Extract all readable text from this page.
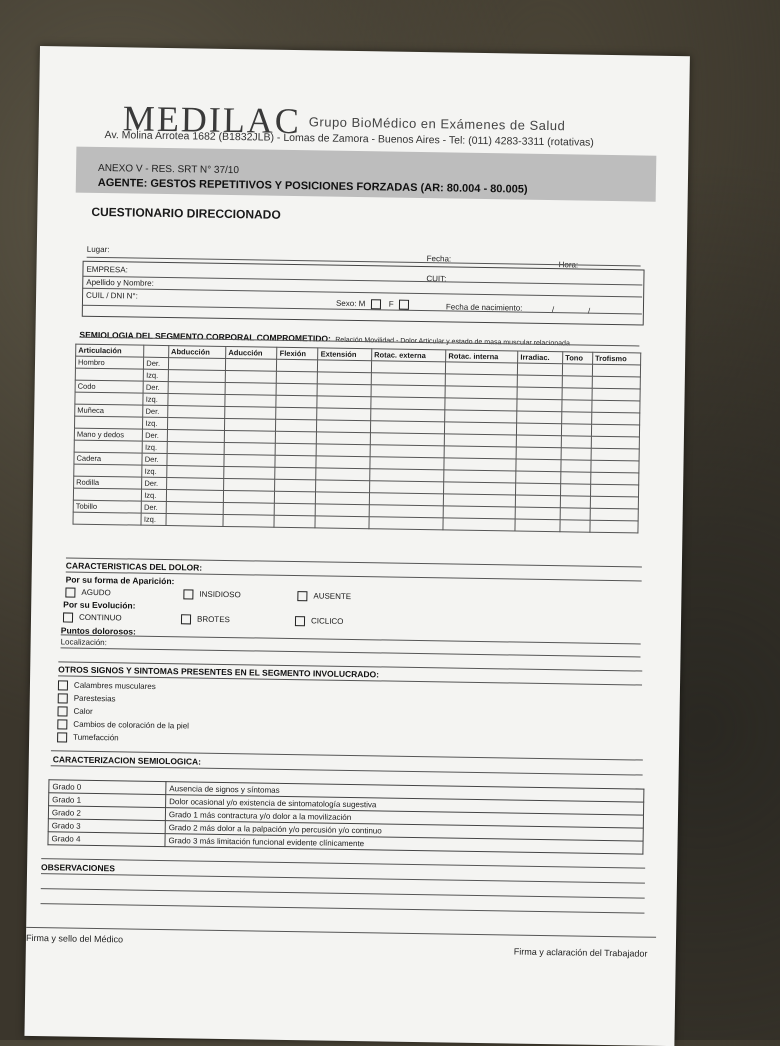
MEDILAC Grupo BioMédico en Exámenes de Salud
Av. Molina Arrotea 1682 (B1832JLB) - Lomas de Zamora - Buenos Aires - Tel: (011) 4283-3311 (rotativas)
ANEXO V - RES. SRT N° 37/10
AGENTE: GESTOS REPETITIVOS Y POSICIONES FORZADAS (AR: 80.004 - 80.005)
CUESTIONARIO DIRECCIONADO
Lugar:
Fecha:
Hora:
EMPRESA:
CUIT:
Apellido y Nombre:
CUIL / DNI N°:
Sexo: M	F	Fecha de nacimiento:	/	/
SEMIOLOGIA DEL SEGMENTO CORPORAL COMPROMETIDO: Relación Movilidad - Dolor Articular y estado de masa muscular relacionada
Articulación		Abducción	Aducción	Flexión	Extensión	Rotac. externa	Rotac. interna	Irradiac.	Tono	Trofismo
Hombro	Der.									
	Izq.									
Codo	Der.									
	Izq.									
Muñeca	Der.									
	Izq.									
Mano y dedos	Der.									
	Izq.									
Cadera	Der.									
	Izq.									
Rodilla	Der.									
	Izq.									
Tobillo	Der.									
	Izq.									
CARACTERISTICAS DEL DOLOR:
Por su forma de Aparición:
AGUDO	INSIDIOSO	AUSENTE
Por su Evolución:
CONTINUO	BROTES	CICLICO
Puntos dolorosos:
Localización:
OTROS SIGNOS Y SINTOMAS PRESENTES EN EL SEGMENTO INVOLUCRADO:
Calambres musculares
Parestesias
Calor
Cambios de coloración de la piel
Tumefacción
CARACTERIZACION SEMIOLOGICA:
Grado 0	Ausencia de signos y síntomas
Grado 1	Dolor ocasional y/o existencia de sintomatología sugestiva
Grado 2	Grado 1 más contractura y/o dolor a la movilización
Grado 3	Grado 2 más dolor a la palpación y/o percusión y/o continuo
Grado 4	Grado 3 más limitación funcional evidente clínicamente
OBSERVACIONES
Firma y sello del Médico
Firma y aclaración del Trabajador
